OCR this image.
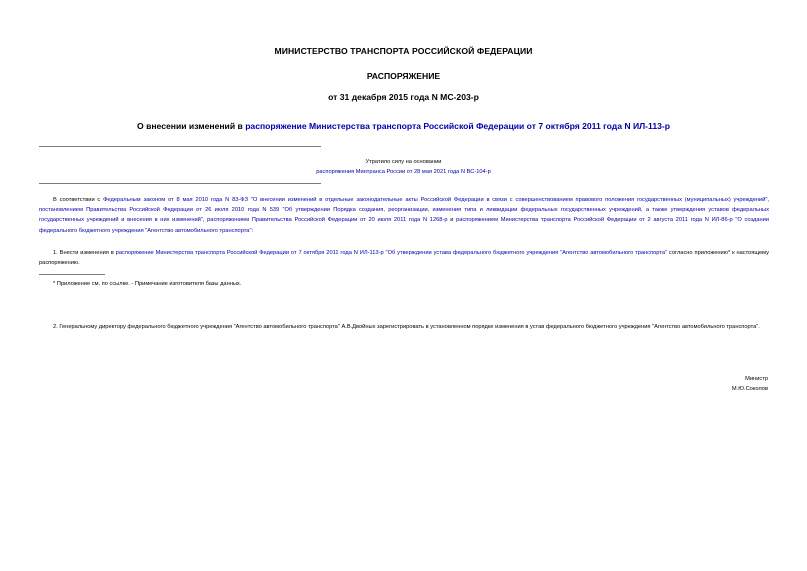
МИНИСТЕРСТВО ТРАНСПОРТА РОССИЙСКОЙ ФЕДЕРАЦИИ
РАСПОРЯЖЕНИЕ
от 31 декабря 2015 года N МС-203-р
О внесении изменений в распоряжение Министерства транспорта Российской Федерации от 7 октября 2011 года N ИЛ-113-р
Утратило силу на основании
распоряжения Минтранса России от 28 мая 2021 года N ВС-104-р
В соответствии с Федеральным законом от 8 мая 2010 года N 83-ФЗ "О внесении изменений в отдельные законодательные акты Российской Федерации в связи с совершенствованием правового положения государственных (муниципальных) учреждений", постановлением Правительства Российской Федерации от 26 июля 2010 года N 539 "Об утверждении Порядка создания, реорганизации, изменения типа и ликвидации федеральных государственных учреждений, а также утверждения уставов федеральных государственных учреждений и внесения в них изменений", распоряжением Правительства Российской Федерации от 20 июля 2011 года N 1268-р и распоряжением Министерства транспорта Российской Федерации от 2 августа 2011 года N ИЛ-86-р "О создании федерального бюджетного учреждения "Агентство автомобильного транспорта":
1. Внести изменения в распоряжение Министерства транспорта Российской Федерации от 7 октября 2011 года N ИЛ-113-р "Об утверждении устава федерального бюджетного учреждения "Агентство автомобильного транспорта" согласно приложению* к настоящему распоряжению.
* Приложение см. по ссылке. - Примечание изготовителя базы данных.
2. Генеральному директору федерального бюджетного учреждения "Агентство автомобильного транспорта" А.В.Двойных зарегистрировать в установленном порядке изменения в устав федерального бюджетного учреждения "Агентство автомобильного транспорта".
Министр
М.Ю.Соколов
